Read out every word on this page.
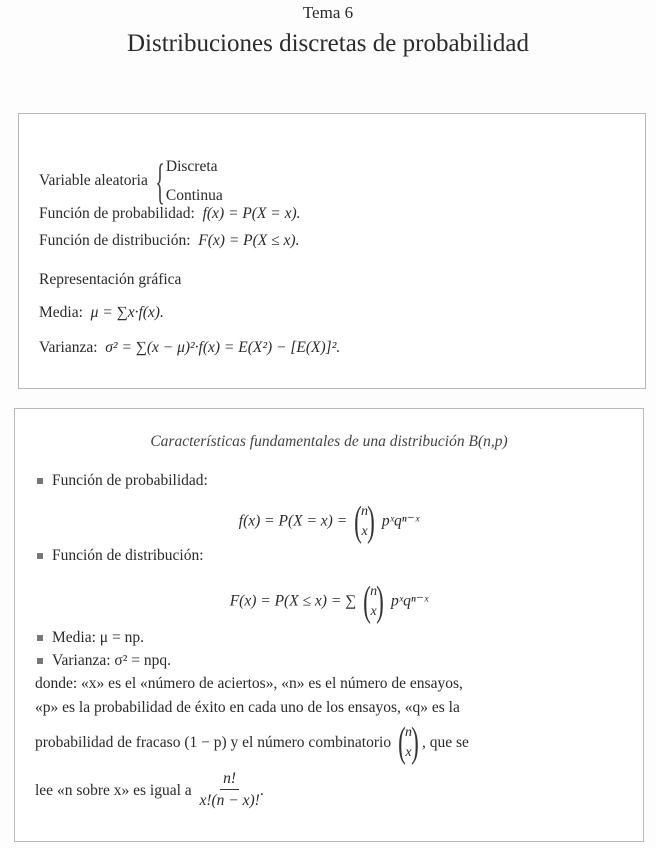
Tema 6
Distribuciones discretas de probabilidad
Variable aleatoria { Discreta
Continua
Función de probabilidad: f(x) = P(X = x).
Función de distribución: F(x) = P(X ≤ x).
Representación gráfica
Media: μ = ∑x·f(x).
Varianza: σ² = ∑(x − μ)²·f(x) = E(X²) − [E(X)]².
Características fundamentales de una distribución B(n,p)
Función de probabilidad:
f(x) = P(X = x) = ( n
x ) pˣqⁿ⁻ˣ
Función de distribución:
F(x) = P(X ≤ x) = ∑ ( n
x ) pˣqⁿ⁻ˣ
Media: μ = np.
Varianza: σ² = npq.
donde: «x» es el «número de aciertos», «n» es el número de ensayos,
«p» es la probabilidad de éxito en cada uno de los ensayos, «q» es la
probabilidad de fracaso (1 − p) y el número combinatorio
( n
x ) , que se
lee «n sobre x» es igual a
$\frac{n!}{x!(n - x)!}$ .
